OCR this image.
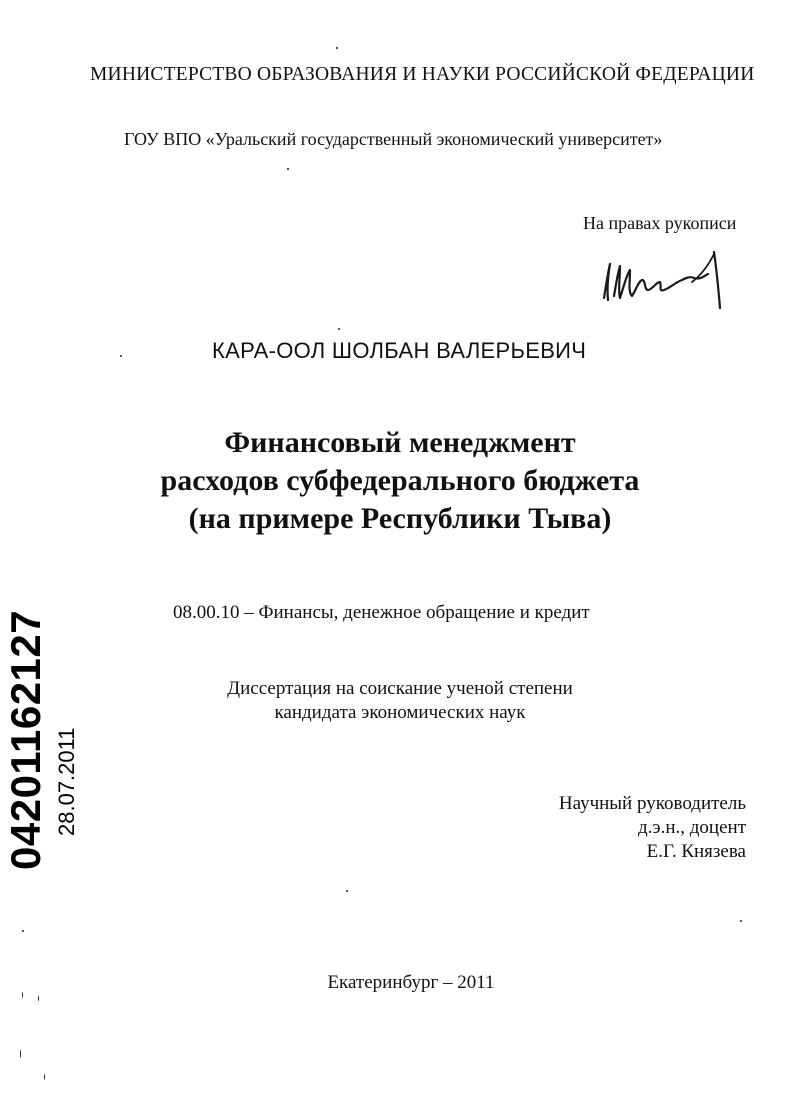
МИНИСТЕРСТВО ОБРАЗОВАНИЯ И НАУКИ РОССИЙСКОЙ ФЕДЕРАЦИИ
ГОУ ВПО «Уральский государственный экономический университет»
На правах рукописи
КАРА-ООЛ ШОЛБАН ВАЛЕРЬЕВИЧ
Финансовый менеджмент
расходов субфедерального бюджета
(на примере Республики Тыва)
08.00.10 – Финансы, денежное обращение и кредит
Диссертация на соискание ученой степени
кандидата экономических наук
Научный руководитель
д.э.н., доцент
Е.Г. Князева
Екатеринбург – 2011
04201162127 28.07.2011
